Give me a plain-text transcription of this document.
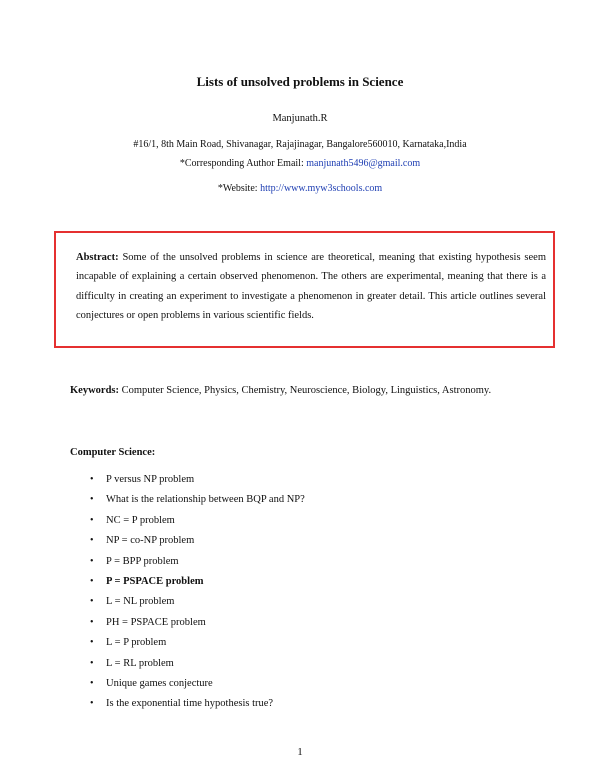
Lists of unsolved problems in Science
Manjunath.R
#16/1, 8th Main Road, Shivanagar, Rajajinagar, Bangalore560010, Karnataka,India
*Corresponding Author Email: manjunath5496@gmail.com
*Website: http://www.myw3schools.com
Abstract: Some of the unsolved problems in science are theoretical, meaning that existing hypothesis seem incapable of explaining a certain observed phenomenon. The others are experimental, meaning that there is a difficulty in creating an experiment to investigate a phenomenon in greater detail. This article outlines several conjectures or open problems in various scientific fields.
Keywords: Computer Science, Physics, Chemistry, Neuroscience, Biology, Linguistics, Astronomy.
Computer Science:
• P versus NP problem
• What is the relationship between BQP and NP?
• NC = P problem
• NP = co-NP problem
• P = BPP problem
• P = PSPACE problem
• L = NL problem
• PH = PSPACE problem
• L = P problem
• L = RL problem
• Unique games conjecture
• Is the exponential time hypothesis true?
1
